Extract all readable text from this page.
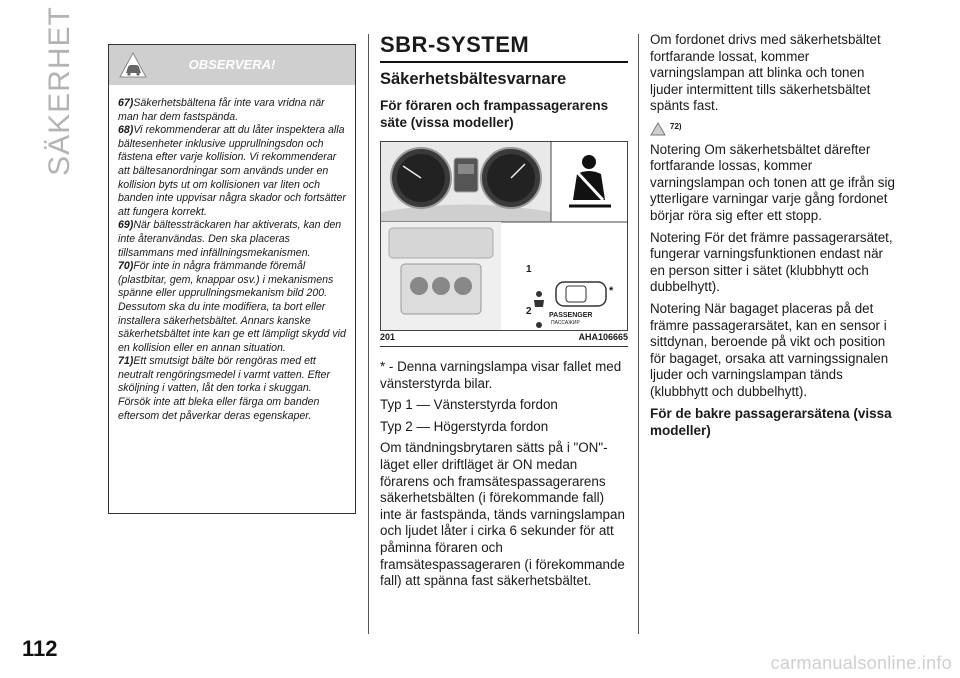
SÄKERHET
112
OBSERVERA!

67)Säkerhetsbältena får inte vara vridna när man har dem fastspända.

68)Vi rekommenderar att du låter inspektera alla bältesenheter inklusive upprullningsdon och fästena efter varje kollision. Vi rekommenderar att bältesanordningar som används under en kollision byts ut om kollisionen var liten och banden inte uppvisar några skador och fortsätter att fungera korrekt.

69)När bältessträckaren har aktiverats, kan den inte återanvändas. Den ska placeras tillsammans med infällningsmekanismen.

70)För inte in några främmande föremål (plastbitar, gem, knappar osv.) i mekanismens spänne eller upprullningsmekanism bild 200. Dessutom ska du inte modifiera, ta bort eller installera säkerhetsbältet. Annars kanske säkerhetsbältet inte kan ge ett lämpligt skydd vid en kollision eller en annan situation.

71)Ett smutsigt bälte bör rengöras med ett neutralt rengöringsmedel i varmt vatten. Efter sköljning i vatten, låt den torka i skuggan. Försök inte att bleka eller färga om banden eftersom det påverkar deras egenskaper.

SBR-SYSTEM
Säkerhetsbältesvarnare
För föraren och frampassagerarens säte (vissa modeller)
1
*
2 PASSENGER
ПАССАЖИР
201	AHA106665

* - Denna varningslampa visar fallet med vänsterstyrda bilar.

Typ 1 — Vänsterstyrda fordon

Typ 2 — Högerstyrda fordon

Om tändningsbrytaren sätts på i "ON"-läget eller driftläget är ON medan förarens och framsätespassagerarens säkerhetsbälten (i förekommande fall) inte är fastspända, tänds varningslampan och ljudet låter i cirka 6 sekunder för att påminna föraren och framsätespassageraren (i förekommande fall) att spänna fast säkerhetsbältet.

Om fordonet drivs med säkerhetsbältet fortfarande lossat, kommer varningslampan att blinka och tonen ljuder intermittent tills säkerhetsbältet spänts fast.

72)

Notering Om säkerhetsbältet därefter fortfarande lossas, kommer varningslampan och tonen att ge ifrån sig ytterligare varningar varje gång fordonet börjar röra sig efter ett stopp.

Notering För det främre passagerarsätet, fungerar varningsfunktionen endast när en person sitter i sätet (klubbhytt och dubbelhytt).

Notering När bagaget placeras på det främre passagerarsätet, kan en sensor i sittdynan, beroende på vikt och position för bagaget, orsaka att varningssignalen ljuder och varningslampan tänds (klubbhytt och dubbelhytt).

För de bakre passagerarsätena (vissa modeller)
carmanualsonline.info
